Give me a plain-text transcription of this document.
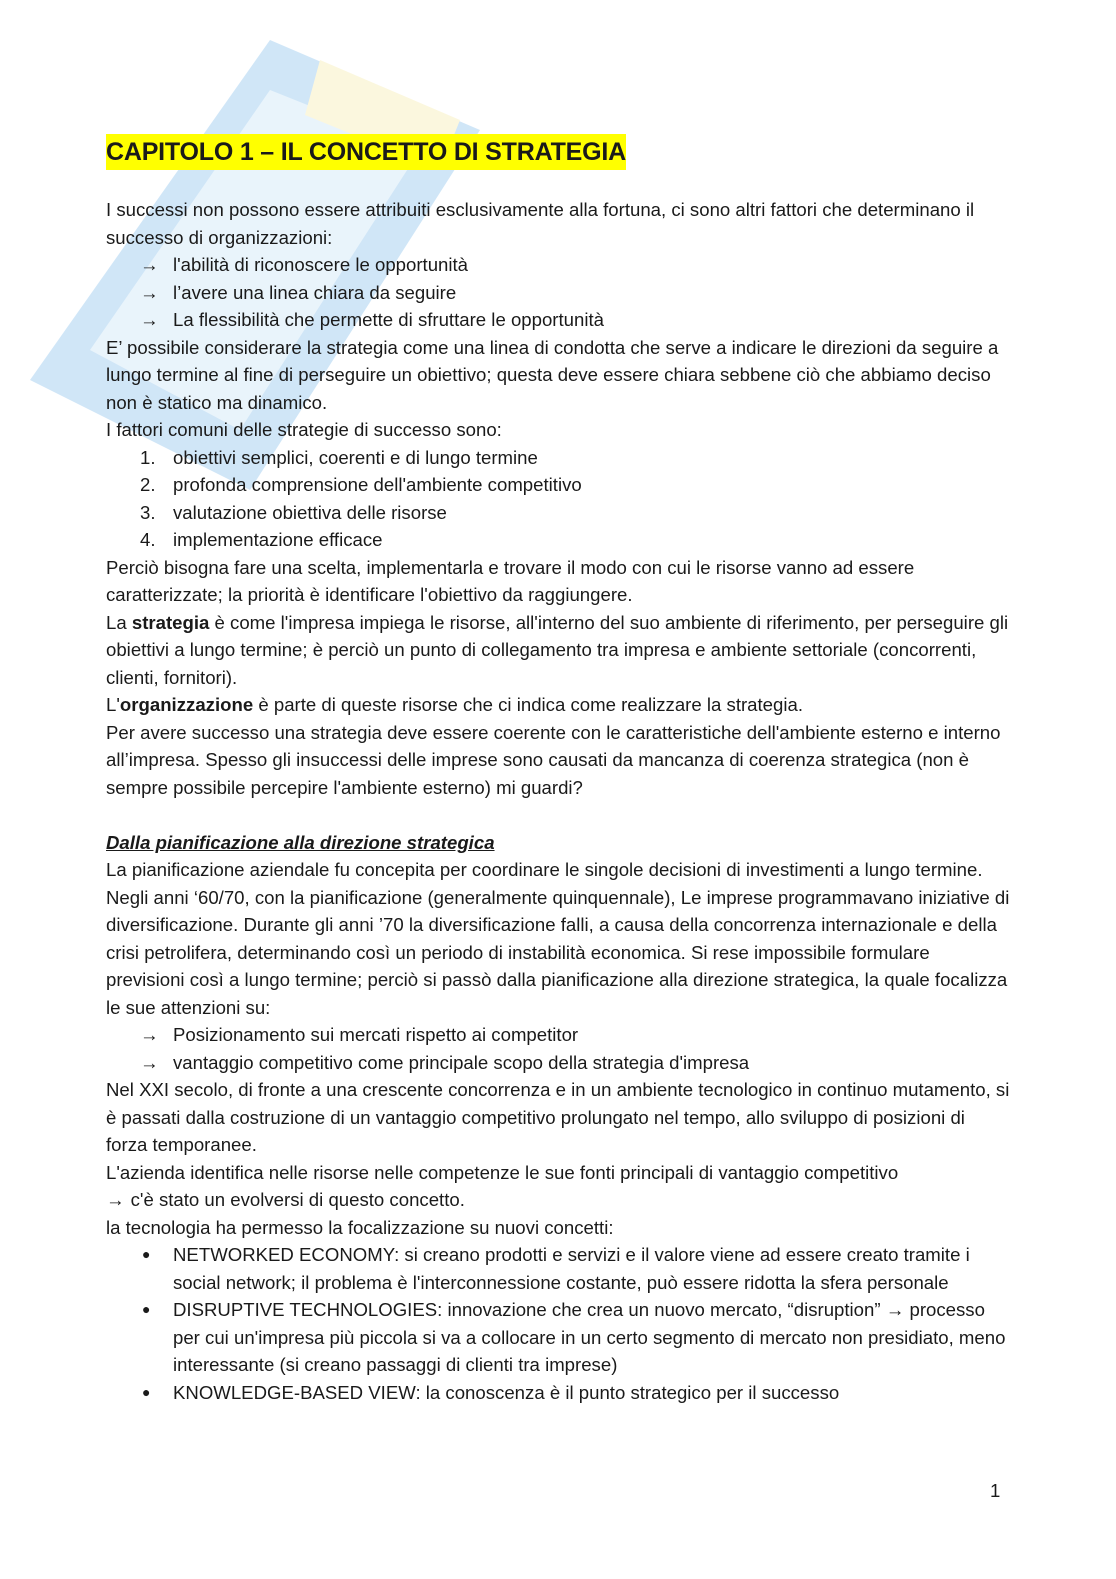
CAPITOLO 1 – IL CONCETTO DI STRATEGIA

I successi non possono essere attribuiti esclusivamente alla fortuna, ci sono altri fattori che determinano il successo di organizzazioni:

→ l'abilità di riconoscere le opportunità
→ l’avere una linea chiara da seguire
→ La flessibilità che permette di sfruttare le opportunità

E’ possibile considerare la strategia come una linea di condotta che serve a indicare le direzioni da seguire a lungo termine al fine di perseguire un obiettivo; questa deve essere chiara sebbene ciò che abbiamo deciso non è statico ma dinamico.

I fattori comuni delle strategie di successo sono:

1. obiettivi semplici, coerenti e di lungo termine
2. profonda comprensione dell'ambiente competitivo
3. valutazione obiettiva delle risorse
4. implementazione efficace

Perciò bisogna fare una scelta, implementarla e trovare il modo con cui le risorse vanno ad essere caratterizzate; la priorità è identificare l'obiettivo da raggiungere.

La strategia è come l'impresa impiega le risorse, all'interno del suo ambiente di riferimento, per perseguire gli obiettivi a lungo termine; è perciò un punto di collegamento tra impresa e ambiente settoriale (concorrenti, clienti, fornitori).

L'organizzazione è parte di queste risorse che ci indica come realizzare la strategia.

Per avere successo una strategia deve essere coerente con le caratteristiche dell'ambiente esterno e interno all’impresa. Spesso gli insuccessi delle imprese sono causati da mancanza di coerenza strategica (non è sempre possibile percepire l'ambiente esterno) mi guardi?

Dalla pianificazione alla direzione strategica

La pianificazione aziendale fu concepita per coordinare le singole decisioni di investimenti a lungo termine. Negli anni ‘60/70, con la pianificazione (generalmente quinquennale), Le imprese programmavano iniziative di diversificazione. Durante gli anni ’70 la diversificazione falli, a causa della concorrenza internazionale e della crisi petrolifera, determinando così un periodo di instabilità economica. Si rese impossibile formulare previsioni così a lungo termine; perciò si passò dalla pianificazione alla direzione strategica, la quale focalizza le sue attenzioni su:

→ Posizionamento sui mercati rispetto ai competitor
→ vantaggio competitivo come principale scopo della strategia d'impresa

Nel XXI secolo, di fronte a una crescente concorrenza e in un ambiente tecnologico in continuo mutamento, si è passati dalla costruzione di un vantaggio competitivo prolungato nel tempo, allo sviluppo di posizioni di forza temporanee.

L'azienda identifica nelle risorse nelle competenze le sue fonti principali di vantaggio competitivo
→ c'è stato un evolversi di questo concetto.

la tecnologia ha permesso la focalizzazione su nuovi concetti:

● NETWORKED ECONOMY: si creano prodotti e servizi e il valore viene ad essere creato tramite i social network; il problema è l'interconnessione costante, può essere ridotta la sfera personale
● DISRUPTIVE TECHNOLOGIES: innovazione che crea un nuovo mercato, “disruption” → processo per cui un'impresa più piccola si va a collocare in un certo segmento di mercato non presidiato, meno interessante (si creano passaggi di clienti tra imprese)
● KNOWLEDGE-BASED VIEW: la conoscenza è il punto strategico per il successo
1
